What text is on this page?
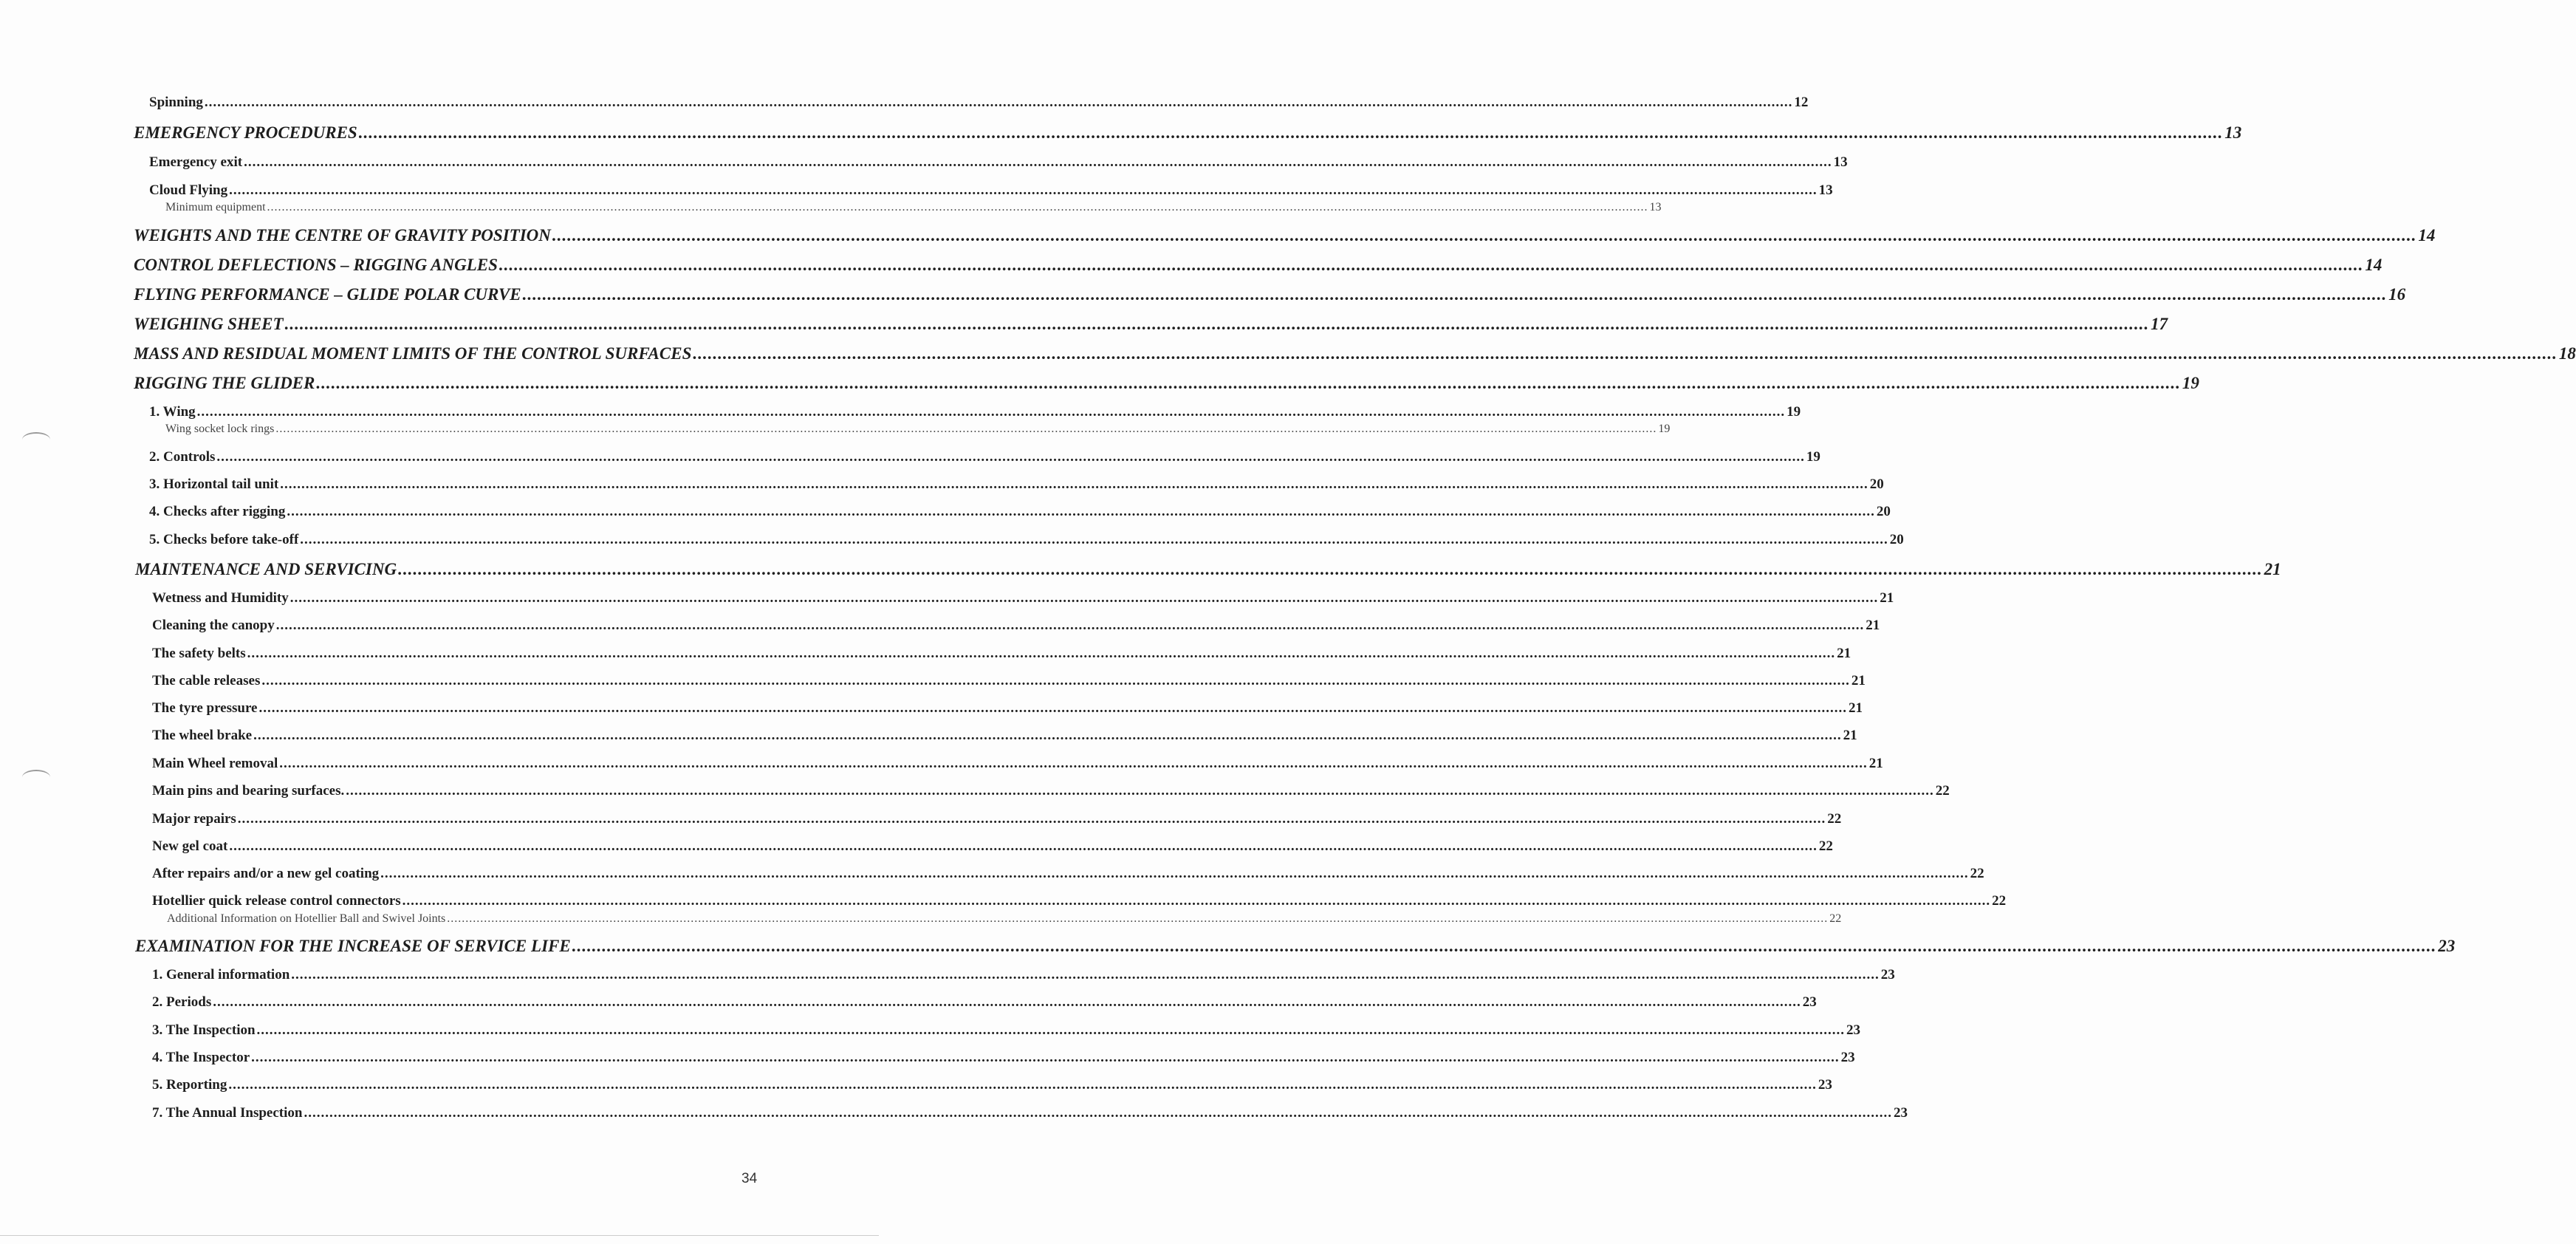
Spinning ...................................................................................................................................................................................................................................................................................................................................................................................... 12
EMERGENCY PROCEDURES ...................................................................................................................................................................................................................................................................................................................................................................................... 13
Emergency exit ...................................................................................................................................................................................................................................................................................................................................................................................... 13
Cloud Flying ...................................................................................................................................................................................................................................................................................................................................................................................... 13
Minimum equipment ...................................................................................................................................................................................................................................................................................................................................................................................... 13
WEIGHTS AND THE CENTRE OF GRAVITY POSITION ...................................................................................................................................................................................................................................................................................................................................................................................... 14
CONTROL DEFLECTIONS – RIGGING ANGLES ...................................................................................................................................................................................................................................................................................................................................................................................... 14
FLYING PERFORMANCE – GLIDE POLAR CURVE ...................................................................................................................................................................................................................................................................................................................................................................................... 16
WEIGHING SHEET ...................................................................................................................................................................................................................................................................................................................................................................................... 17
MASS AND RESIDUAL MOMENT LIMITS OF THE CONTROL SURFACES ...................................................................................................................................................................................................................................................................................................................................................................................... 18
RIGGING THE GLIDER ...................................................................................................................................................................................................................................................................................................................................................................................... 19
1. Wing ...................................................................................................................................................................................................................................................................................................................................................................................... 19
Wing socket lock rings ...................................................................................................................................................................................................................................................................................................................................................................................... 19
2. Controls ...................................................................................................................................................................................................................................................................................................................................................................................... 19
3. Horizontal tail unit ...................................................................................................................................................................................................................................................................................................................................................................................... 20
4. Checks after rigging ...................................................................................................................................................................................................................................................................................................................................................................................... 20
5. Checks before take-off ...................................................................................................................................................................................................................................................................................................................................................................................... 20
MAINTENANCE AND SERVICING ...................................................................................................................................................................................................................................................................................................................................................................................... 21
Wetness and Humidity ...................................................................................................................................................................................................................................................................................................................................................................................... 21
Cleaning the canopy ...................................................................................................................................................................................................................................................................................................................................................................................... 21
The safety belts ...................................................................................................................................................................................................................................................................................................................................................................................... 21
The cable releases ...................................................................................................................................................................................................................................................................................................................................................................................... 21
The tyre pressure ...................................................................................................................................................................................................................................................................................................................................................................................... 21
The wheel brake ...................................................................................................................................................................................................................................................................................................................................................................................... 21
Main Wheel removal ...................................................................................................................................................................................................................................................................................................................................................................................... 21
Main pins and bearing surfaces. ...................................................................................................................................................................................................................................................................................................................................................................................... 22
Major repairs ...................................................................................................................................................................................................................................................................................................................................................................................... 22
New gel coat ...................................................................................................................................................................................................................................................................................................................................................................................... 22
After repairs and/or a new gel coating ...................................................................................................................................................................................................................................................................................................................................................................................... 22
Hotellier quick release control connectors ...................................................................................................................................................................................................................................................................................................................................................................................... 22
Additional Information on Hotellier Ball and Swivel Joints ...................................................................................................................................................................................................................................................................................................................................................................................... 22
EXAMINATION FOR THE INCREASE OF SERVICE LIFE ...................................................................................................................................................................................................................................................................................................................................................................................... 23
1. General information ...................................................................................................................................................................................................................................................................................................................................................................................... 23
2. Periods ...................................................................................................................................................................................................................................................................................................................................................................................... 23
3. The Inspection ...................................................................................................................................................................................................................................................................................................................................................................................... 23
4. The Inspector ...................................................................................................................................................................................................................................................................................................................................................................................... 23
5. Reporting ...................................................................................................................................................................................................................................................................................................................................................................................... 23
7. The Annual Inspection ...................................................................................................................................................................................................................................................................................................................................................................................... 23
34
